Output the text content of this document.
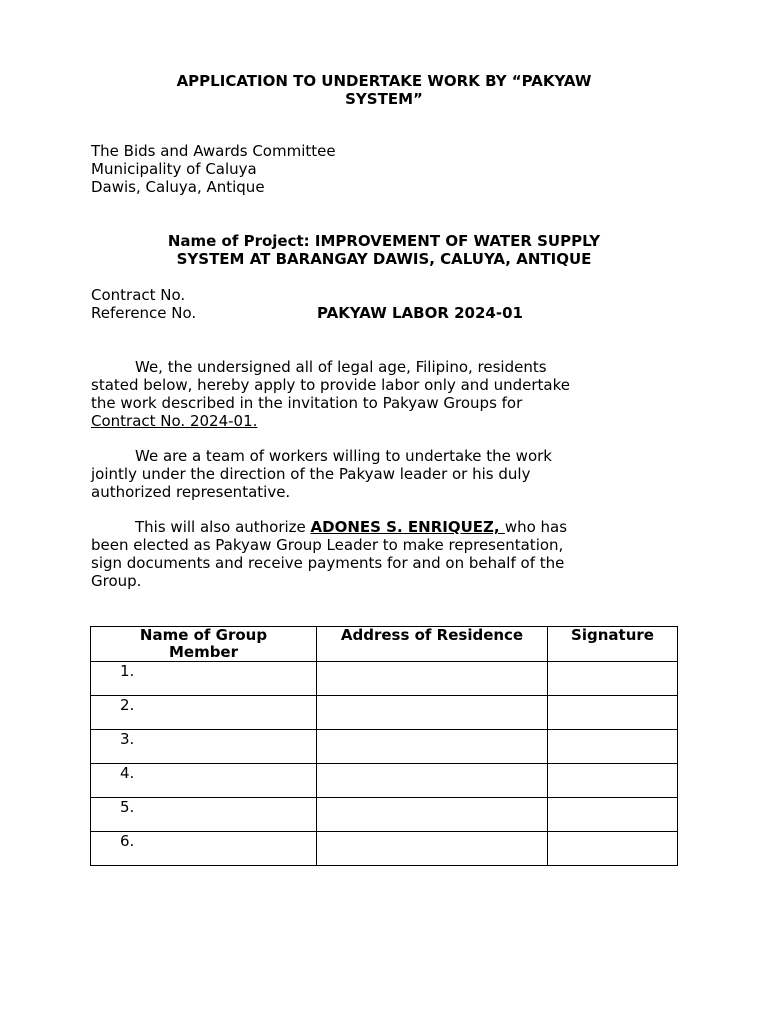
APPLICATION TO UNDERTAKE WORK BY “PAKYAW
SYSTEM”
The Bids and Awards Committee
Municipality of Caluya
Dawis, Caluya, Antique
Name of Project: IMPROVEMENT OF WATER SUPPLY
SYSTEM AT BARANGAY DAWIS, CALUYA, ANTIQUE
Contract No.
Reference No.	PAKYAW LABOR 2024-01
We, the undersigned all of legal age, Filipino, residents
stated below, hereby apply to provide labor only and undertake
the work described in the invitation to Pakyaw Groups for
Contract No. 2024-01.
We are a team of workers willing to undertake the work
jointly under the direction of the Pakyaw leader or his duly
authorized representative.
This will also authorize ADONES S. ENRIQUEZ, who has
been elected as Pakyaw Group Leader to make representation,
sign documents and receive payments for and on behalf of the
Group.
Name of Group
Member	Address of Residence	Signature

1.		

2.		

3.		

4.		

5.		

6.		
